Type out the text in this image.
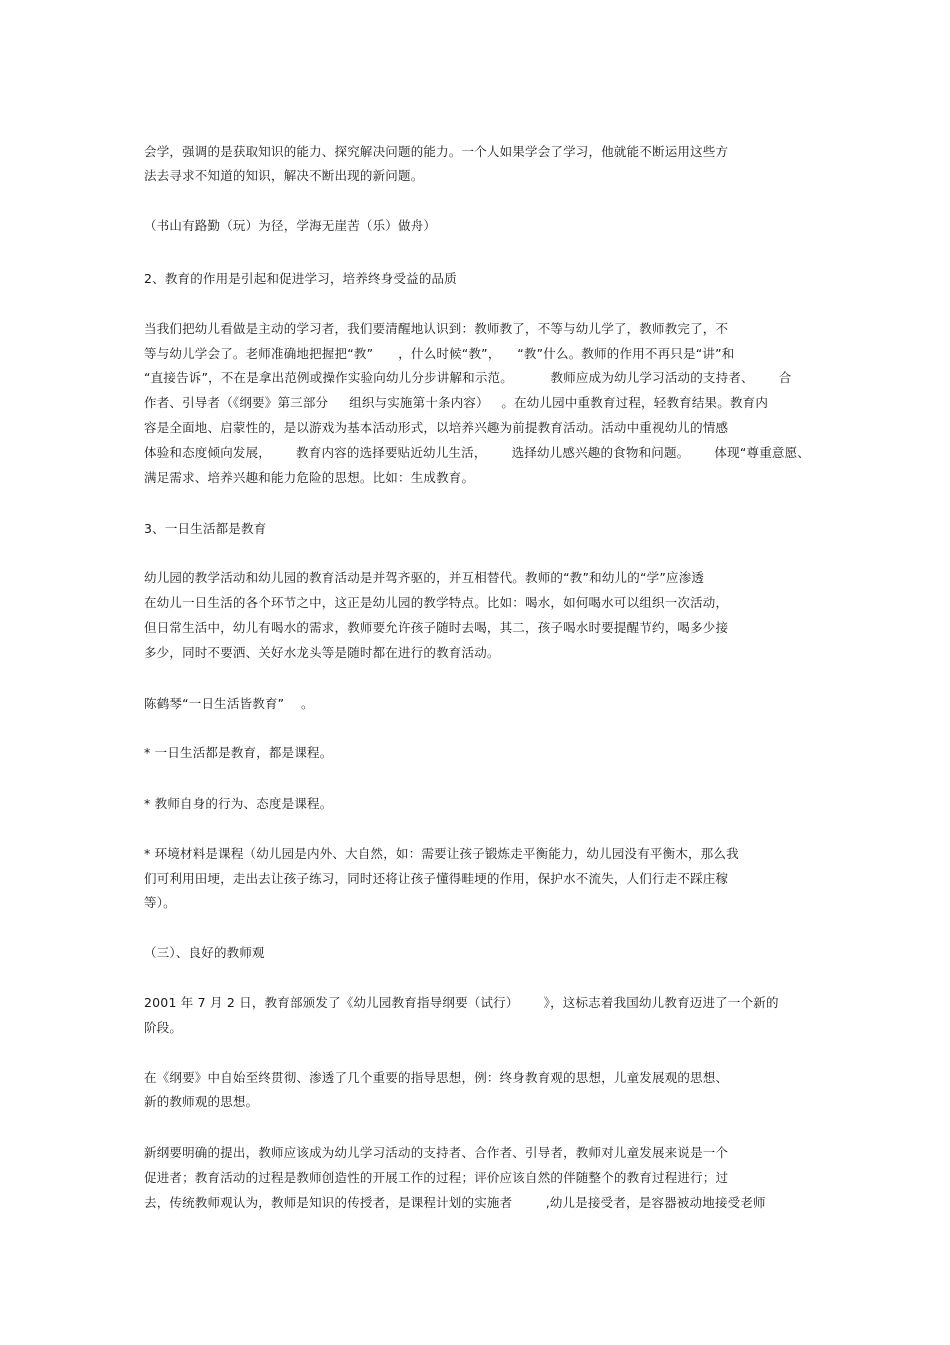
会学，强调的是获取知识的能力、探究解决问题的能力。一个人如果学会了学习，他就能不断运用这些方
法去寻求不知道的知识，解决不断出现的新问题。
（书山有路勤（玩）为径，学海无崖苦（乐）做舟）
2、教育的作用是引起和促进学习，培养终身受益的品质
当我们把幼儿看做是主动的学习者，我们要清醒地认识到：教师教了，不等与幼儿学了，教师教完了，不
等与幼儿学会了。老师准确地把握把“教”      ，什么时候“教”，    “教”什么。教师的作用不再只是“讲”和
“直接告诉”，不在是拿出范例或操作实验向幼儿分步讲解和示范。         教师应成为幼儿学习活动的支持者、      合
作者、引导者（《纲要》第三部分     组织与实施第十条内容）   。在幼儿园中重教育过程，轻教育结果。教育内
容是全面地、启蒙性的，是以游戏为基本活动形式，以培养兴趣为前提教育活动。活动中重视幼儿的情感
体验和态度倾向发展，      教育内容的选择要贴近幼儿生活，      选择幼儿感兴趣的食物和问题。      体现“尊重意愿、
满足需求、培养兴趣和能力危险的思想。比如：生成教育。
3、一日生活都是教育
幼儿园的教学活动和幼儿园的教育活动是并驾齐驱的，并互相替代。教师的“教”和幼儿的“学”应渗透
在幼儿一日生活的各个环节之中，这正是幼儿园的教学特点。比如：喝水，如何喝水可以组织一次活动，
但日常生活中，幼儿有喝水的需求，教师要允许孩子随时去喝，其二，孩子喝水时要提醒节约，喝多少接
多少，同时不要洒、关好水龙头等是随时都在进行的教育活动。
陈鹤琴“一日生活皆教育”    。
* 一日生活都是教育，都是课程。
* 教师自身的行为、态度是课程。
* 环境材料是课程（幼儿园是内外、大自然，如：需要让孩子锻炼走平衡能力，幼儿园没有平衡木，那么我
们可利用田埂，走出去让孩子练习，同时还将让孩子懂得畦埂的作用，保护水不流失，人们行走不踩庄稼
等）。
（三）、良好的教师观
2001 年 7 月 2 日，教育部颁发了《幼儿园教育指导纲要（试行）      》，这标志着我国幼儿教育迈进了一个新的
阶段。
在《纲要》中自始至终贯彻、渗透了几个重要的指导思想，例：终身教育观的思想，儿童发展观的思想、
新的教师观的思想。
新纲要明确的提出，教师应该成为幼儿学习活动的支持者、合作者、引导者，教师对儿童发展来说是一个
促进者；教育活动的过程是教师创造性的开展工作的过程；评价应该自然的伴随整个的教育过程进行；过
去，传统教师观认为，教师是知识的传授者，是课程计划的实施者        ,幼儿是接受者，是容器被动地接受老师
